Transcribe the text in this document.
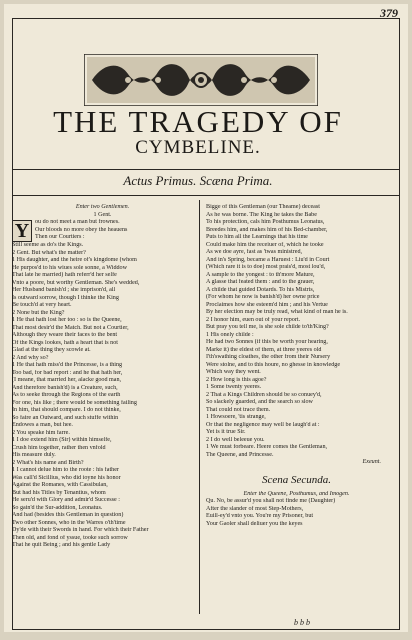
379
THE TRAGEDY OF
CYMBELINE.
Actus Primus. Scæna Prima.
Enter two Gentlemen.
1 Gent.
Y ou do not meet a man but frownes.
Our bloods no more obey the heauens
Then our Courtiers :
Still seeme as do's the Kings.
2 Gent. But what's the matter?
1 His daughter, and the heire of's kingdome (whom
He purpos'd to his wiues sole sonne, a Widdow
That late he married) hath referr'd her selfe
Vnto a poore, but worthy Gentleman. She's wedded,
Her Husband banish'd ; she imprison'd, all
Is outward sorrow, though I thinke the King
Be touch'd at very heart.
2 None but the King?
1 He that hath lost her too : so is the Queene,
That most desir'd the Match. But not a Courtier,
Although they weare their faces to the bent
Of the Kings lookes, hath a heart that is not
Glad at the thing they scowle at.
2 And why so?
1 He that hath miss'd the Princesse, is a thing
Too bad, for bad report : and he that hath her,
(I meane, that married her, alacke good man,
And therefore banish'd) is a Creature, such,
As to seeke through the Regions of the earth
For one, his like ; there would be something failing
In him, that should compare. I do not thinke,
So faire an Outward, and such stuffe within
Endowes a man, but hee.
2 You speake him farre.
1 I doe extend him (Sir) within himselfe,
Crush him together, rather then vnfold
His measure duly.
2 What's his name and Birth?
1 I cannot delue him to the roote : his father
Was call'd Sicillius, who did ioyne his honor
Against the Romanes, with Cassibulan,
But had his Titles by Tenantius, whom
He seru'd with Glory and admir'd Successe :
So gain'd the Sur-addition, Leonatus.
And had (besides this Gentleman in question)
Two other Sonnes, who in the Warres o'th'time
Dy'de with their Swords in hand. For which their Father
Then old, and fond of yssue, tooke such sorrow
That he quit Being ; and his gentle Lady
Bigge of this Gentleman (our Theame) deceast
As he was borne. The King he takes the Babe
To his protection, cals him Posthumus Leonatus,
Breedes him, and makes him of his Bed-chamber,
Puts to him all the Learnings that his time
Could make him the receiuer of, which he tooke
As we doe ayre, fast as 'twas ministred,
And in's Spring, became a Haruest : Liu'd in Court
(Which rare it is to doe) most prais'd, most lou'd,
A sample to the yongest : to th'more Mature,
A glasse that feated them : and to the grauer,
A childe that guided Dotards. To his Mistris,
(For whom he now is banish'd) her owne price
Proclaimes how she esteem'd him ; and his Vertue
By her election may be truly read, what kind of man he is.
2 I honor him, euen out of your report.
But pray you tell me, is she sole childe to'th'King?
1 His onely childe :
He had two Sonnes (if this be worth your hearing,
Marke it) the eldest of them, at three yeeres old
I'th'swathing cloathes, the other from their Nursery
Were stolne, and to this houre, no ghesse in knowledge
Which way they went.
2 How long is this agoe?
1 Some twenty yeeres.
2 That a Kings Children should be so conuey'd,
So slackely guarded, and the search so slow
That could not trace them.
1 Howsoere, 'tis strange,
Or that the negligence may well be laugh'd at :
Yet is it true Sir.
2 I do well beleeue you.
1 We must forbeare. Heere comes the Gentleman,
The Queene, and Princesse.
Exeunt.
Scena Secunda.
Enter the Queene, Posthumus, and Imogen.
Qu. No, be assur'd you shall not finde me (Daughter)
After the slander of most Step-Mothers,
Euill-ey'd vnto you. You're my Prisoner, but
Your Gaoler shall deliuer you the keyes
b b b
